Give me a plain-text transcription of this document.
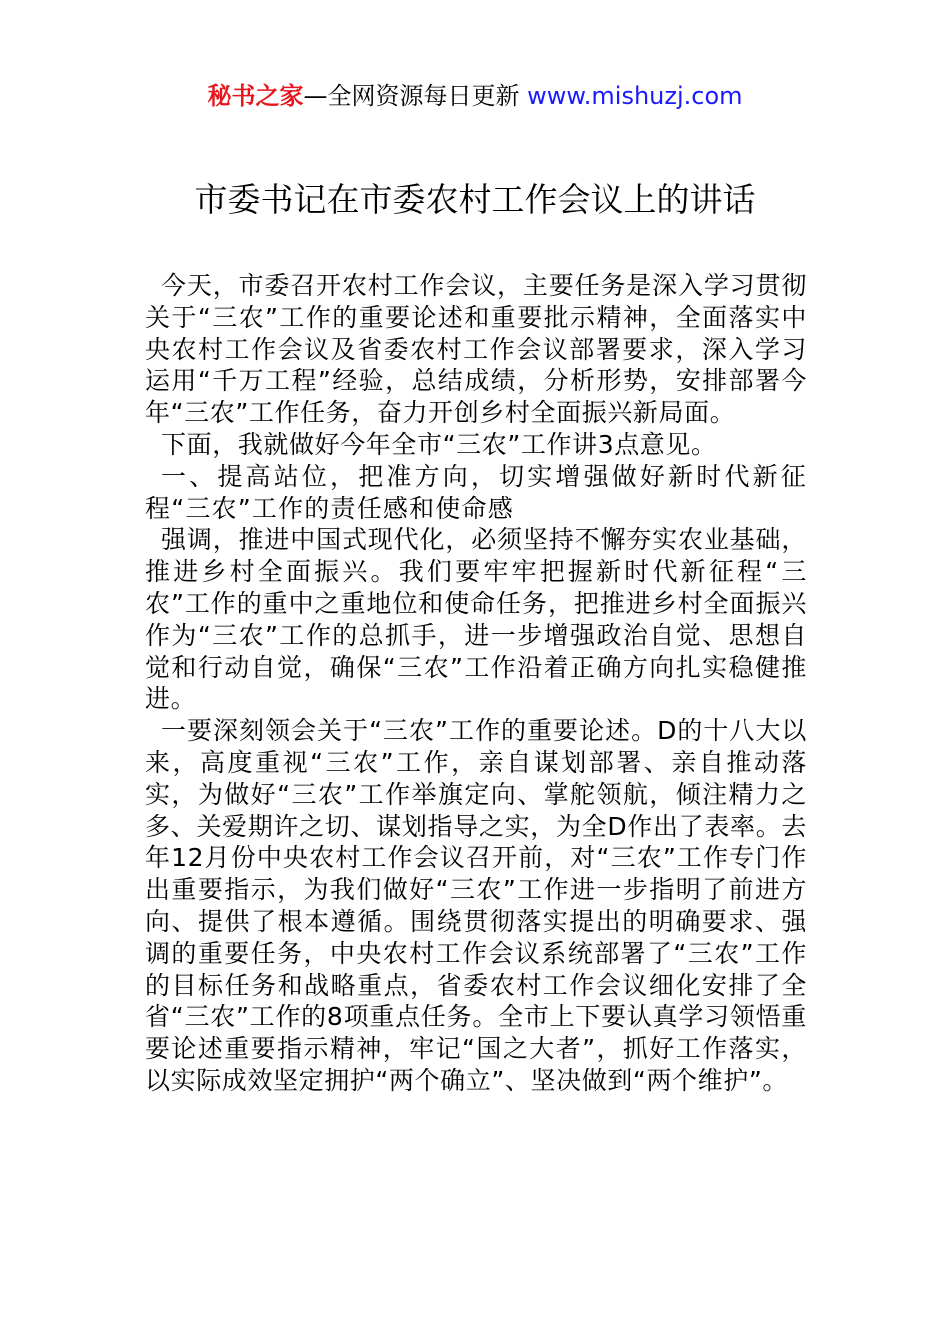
秘书之家—全网资源每日更新 www.mishuzj.com
市委书记在市委农村工作会议上的讲话

今天，市委召开农村工作会议，主要任务是深入学习贯彻关于“三农”工作的重要论述和重要批示精神，全面落实中央农村工作会议及省委农村工作会议部署要求，深入学习运用“千万工程”经验，总结成绩，分析形势，安排部署今年“三农”工作任务，奋力开创乡村全面振兴新局面。

下面，我就做好今年全市“三农”工作讲3点意见。

一、提高站位，把准方向，切实增强做好新时代新征程“三农”工作的责任感和使命感

强调，推进中国式现代化，必须坚持不懈夯实农业基础，推进乡村全面振兴。我们要牢牢把握新时代新征程“三农”工作的重中之重地位和使命任务，把推进乡村全面振兴作为“三农”工作的总抓手，进一步增强政治自觉、思想自觉和行动自觉，确保“三农”工作沿着正确方向扎实稳健推进。

一要深刻领会关于“三农”工作的重要论述。D的十八大以来，高度重视“三农”工作，亲自谋划部署、亲自推动落实，为做好“三农”工作举旗定向、掌舵领航，倾注精力之多、关爱期许之切、谋划指导之实，为全D作出了表率。去年12月份中央农村工作会议召开前，对“三农”工作专门作出重要指示，为我们做好“三农”工作进一步指明了前进方向、提供了根本遵循。围绕贯彻落实提出的明确要求、强调的重要任务，中央农村工作会议系统部署了“三农”工作的目标任务和战略重点，省委农村工作会议细化安排了全省“三农”工作的8项重点任务。全市上下要认真学习领悟重要论述重要指示精神，牢记“国之大者”，抓好工作落实，以实际成效坚定拥护“两个确立”、坚决做到“两个维护”。
